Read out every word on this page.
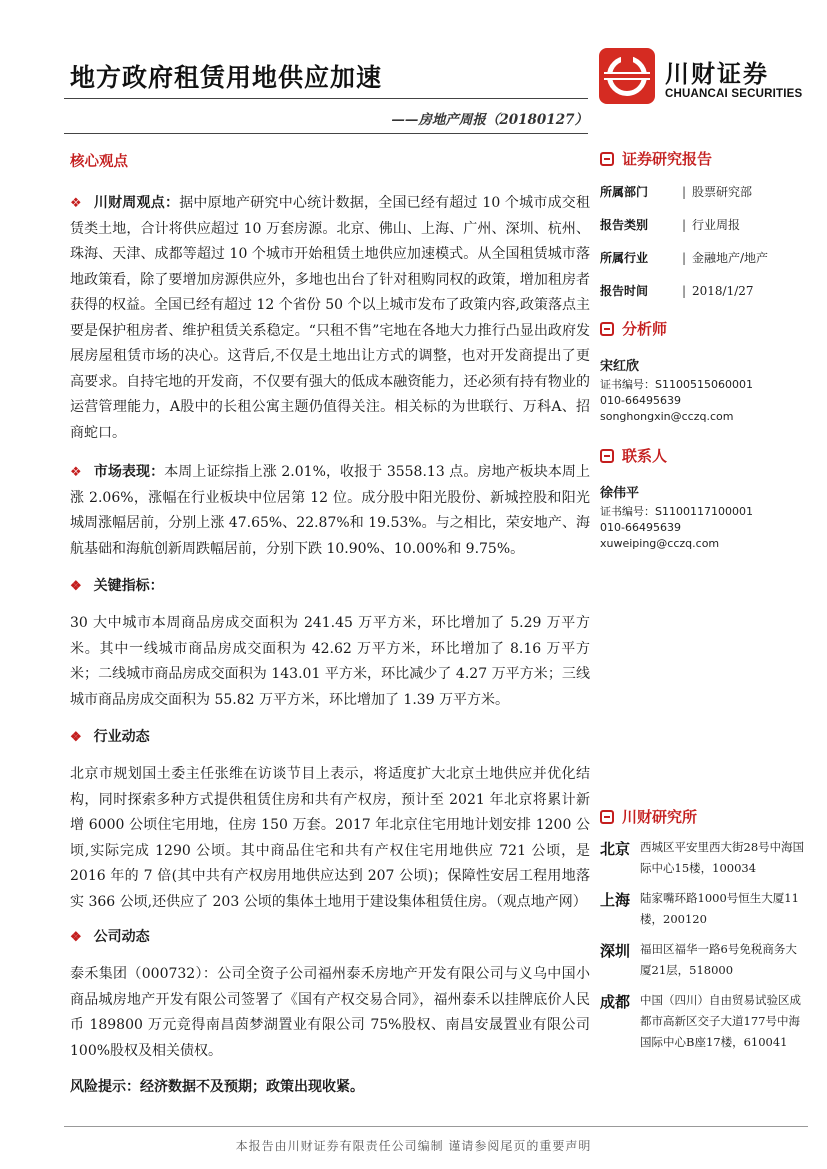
地方政府租赁用地供应加速
——房地产周报（20180127）
川财证券
CHUANCAI SECURITIES
核心观点

❖ 川财周观点：据中原地产研究中心统计数据，全国已经有超过 10 个城市成交租赁类土地，合计将供应超过 10 万套房源。北京、佛山、上海、广州、深圳、杭州、珠海、天津、成都等超过 10 个城市开始租赁土地供应加速模式。从全国租赁城市落地政策看，除了要增加房源供应外，多地也出台了针对租购同权的政策，增加租房者获得的权益。全国已经有超过 12 个省份 50 个以上城市发布了政策内容,政策落点主要是保护租房者、维护租赁关系稳定。“只租不售”宅地在各地大力推行凸显出政府发展房屋租赁市场的决心。这背后,不仅是土地出让方式的调整，也对开发商提出了更高要求。自持宅地的开发商，不仅要有强大的低成本融资能力，还必须有持有物业的运营管理能力，A股中的长租公寓主题仍值得关注。相关标的为世联行、万科A、招商蛇口。

❖ 市场表现：本周上证综指上涨 2.01%，收报于 3558.13 点。房地产板块本周上涨 2.06%，涨幅在行业板块中位居第 12 位。成分股中阳光股份、新城控股和阳光城周涨幅居前，分别上涨 47.65%、22.87%和 19.53%。与之相比，荣安地产、海航基础和海航创新周跌幅居前，分别下跌 10.90%、10.00%和 9.75%。

❖ 关键指标：

30 大中城市本周商品房成交面积为 241.45 万平方米，环比增加了 5.29 万平方米。其中一线城市商品房成交面积为 42.62 万平方米，环比增加了 8.16 万平方米；二线城市商品房成交面积为 143.01 平方米，环比减少了 4.27 万平方米；三线城市商品房成交面积为 55.82 万平方米，环比增加了 1.39 万平方米。

❖ 行业动态

北京市规划国土委主任张维在访谈节目上表示，将适度扩大北京土地供应并优化结构，同时探索多种方式提供租赁住房和共有产权房，预计至 2021 年北京将累计新增 6000 公顷住宅用地，住房 150 万套。2017 年北京住宅用地计划安排 1200 公顷,实际完成 1290 公顷。其中商品住宅和共有产权住宅用地供应 721 公顷，是 2016 年的 7 倍(其中共有产权房用地供应达到 207 公顷)；保障性安居工程用地落实 366 公顷,还供应了 203 公顷的集体土地用于建设集体租赁住房。（观点地产网）

❖ 公司动态

泰禾集团（000732）：公司全资子公司福州泰禾房地产开发有限公司与义乌中国小商品城房地产开发有限公司签署了《国有产权交易合同》，福州泰禾以挂牌底价人民币 189800 万元竞得南昌茵梦湖置业有限公司 75%股权、南昌安晟置业有限公司 100%股权及相关债权。

风险提示：经济数据不及预期；政策出现收紧。
证券研究报告
所属部门	| 股票研究部
报告类别	| 行业周报
所属行业	| 金融地产/地产
报告时间	| 2018/1/27
分析师
宋红欣
证书编号：S1100515060001
010-66495639
songhongxin@cczq.com
联系人
徐伟平
证书编号：S1100117100001
010-66495639
xuweiping@cczq.com
川财研究所
北京 西城区平安里西大街28号中海国际中心15楼，100034
上海 陆家嘴环路1000号恒生大厦11楼，200120
深圳 福田区福华一路6号免税商务大厦21层，518000
成都 中国（四川）自由贸易试验区成都市高新区交子大道177号中海国际中心B座17楼，610041
本报告由川财证券有限责任公司编制 谨请参阅尾页的重要声明
